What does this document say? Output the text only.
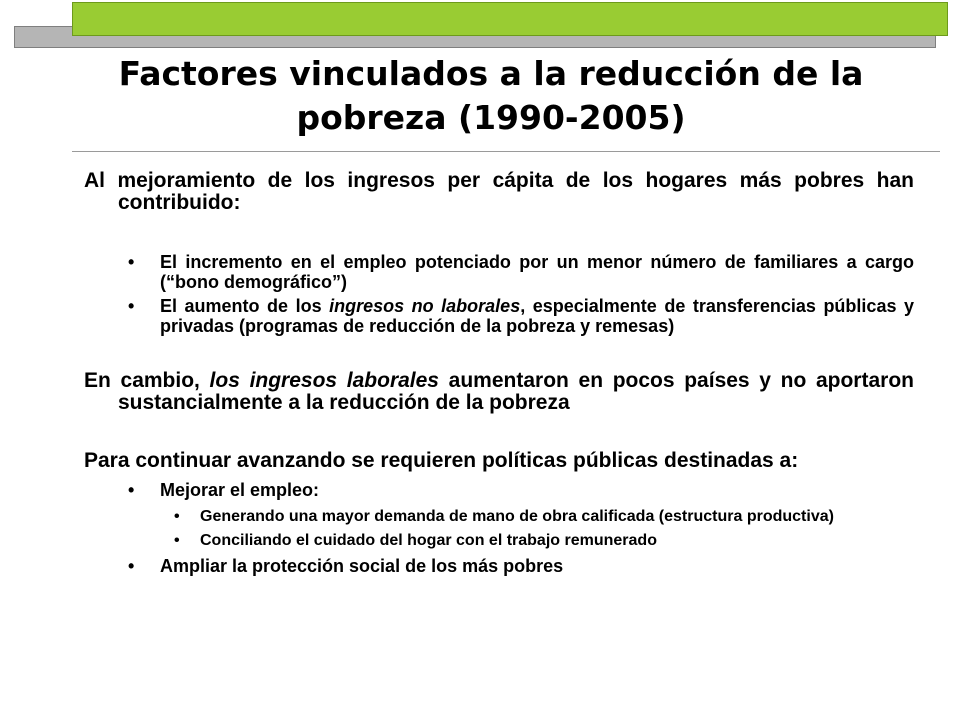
Factores vinculados a la reducción de la pobreza (1990-2005)

Al mejoramiento de los ingresos per cápita de los hogares más pobres han contribuido:

• El incremento en el empleo potenciado por un menor número de familiares a cargo (“bono demográfico”)

• El aumento de los ingresos no laborales, especialmente de transferencias públicas y privadas (programas de reducción de la pobreza y remesas)

En cambio, los ingresos laborales aumentaron en pocos países y no aportaron sustancialmente a la reducción de la pobreza

Para continuar avanzando se requieren políticas públicas destinadas a:

• Mejorar el empleo:

• Generando una mayor demanda de mano de obra calificada (estructura productiva)

• Conciliando el cuidado del hogar con el trabajo remunerado

• Ampliar la protección social de los más pobres
